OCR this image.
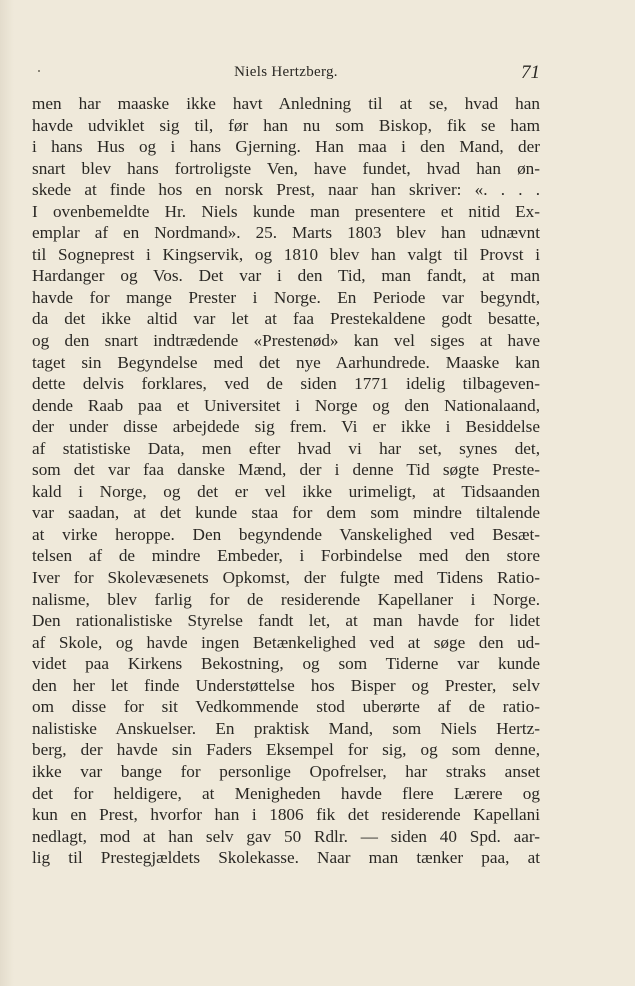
Niels Hertzberg.	71
men har maaske ikke havt Anledning til at se, hvad han
havde udviklet sig til, før han nu som Biskop, fik se ham
i hans Hus og i hans Gjerning. Han maa i den Mand, der
snart blev hans fortroligste Ven, have fundet, hvad han øn-
skede at finde hos en norsk Prest, naar han skriver: «. . . .
I ovenbemeldte Hr. Niels kunde man presentere et nitid Ex-
emplar af en Nordmand». 25. Marts 1803 blev han udnævnt
til Sogneprest i Kingservik, og 1810 blev han valgt til Provst i
Hardanger og Vos. Det var i den Tid, man fandt, at man
havde for mange Prester i Norge. En Periode var begyndt,
da det ikke altid var let at faa Prestekaldene godt besatte,
og den snart indtrædende «Prestenød» kan vel siges at have
taget sin Begyndelse med det nye Aarhundrede. Maaske kan
dette delvis forklares, ved de siden 1771 idelig tilbageven-
dende Raab paa et Universitet i Norge og den Nationalaand,
der under disse arbejdede sig frem. Vi er ikke i Besiddelse
af statistiske Data, men efter hvad vi har set, synes det,
som det var faa danske Mænd, der i denne Tid søgte Preste-
kald i Norge, og det er vel ikke urimeligt, at Tidsaanden
var saadan, at det kunde staa for dem som mindre tiltalende
at virke heroppe. Den begyndende Vanskelighed ved Besæt-
telsen af de mindre Embeder, i Forbindelse med den store
Iver for Skolevæsenets Opkomst, der fulgte med Tidens Ratio-
nalisme, blev farlig for de residerende Kapellaner i Norge.
Den rationalistiske Styrelse fandt let, at man havde for lidet
af Skole, og havde ingen Betænkelighed ved at søge den ud-
videt paa Kirkens Bekostning, og som Tiderne var kunde
den her let finde Understøttelse hos Bisper og Prester, selv
om disse for sit Vedkommende stod uberørte af de ratio-
nalistiske Anskuelser. En praktisk Mand, som Niels Hertz-
berg, der havde sin Faders Eksempel for sig, og som denne,
ikke var bange for personlige Opofrelser, har straks anset
det for heldigere, at Menigheden havde flere Lærere og
kun en Prest, hvorfor han i 1806 fik det residerende Kapellani
nedlagt, mod at han selv gav 50 Rdlr. — siden 40 Spd. aar-
lig til Prestegjældets Skolekasse. Naar man tænker paa, at
